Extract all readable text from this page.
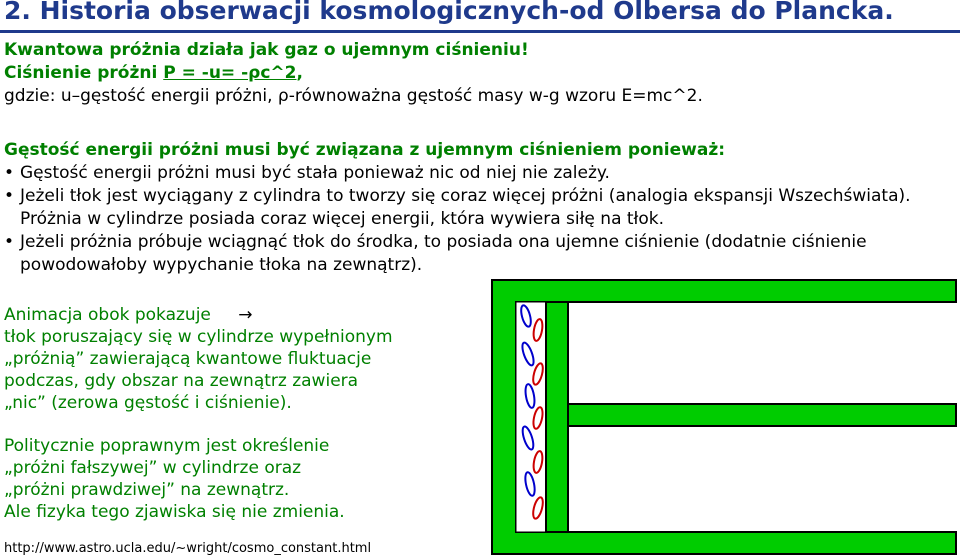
2. Historia obserwacji kosmologicznych-od Olbersa do Plancka.
Kwantowa próżnia działa jak gaz o ujemnym ciśnieniu!
Ciśnienie próżni P = -u= -ρc^2,
gdzie: u–gęstość energii próżni, ρ-równoważna gęstość masy w-g wzoru E=mc^2.
Gęstość energii próżni musi być związana z ujemnym ciśnieniem ponieważ:
• Gęstość energii próżni musi być stała ponieważ nic od niej nie zależy.
• Jeżeli tłok jest wyciągany z cylindra to tworzy się coraz więcej próżni (analogia ekspansji Wszechświata).
Próżnia w cylindrze posiada coraz więcej energii, która wywiera siłę na tłok.
• Jeżeli próżnia próbuje wciągnąć tłok do środka, to posiada ona ujemne ciśnienie (dodatnie ciśnienie
powodowałoby wypychanie tłoka na zewnątrz).
Animacja obok pokazuje →
tłok poruszający się w cylindrze wypełnionym
„próżnią” zawierającą kwantowe fluktuacje
podczas, gdy obszar na zewnątrz zawiera
„nic” (zerowa gęstość i ciśnienie).
Politycznie poprawnym jest określenie
„próżni fałszywej” w cylindrze oraz
„próżni prawdziwej” na zewnątrz.
Ale fizyka tego zjawiska się nie zmienia.
http://www.astro.ucla.edu/~wright/cosmo_constant.html
